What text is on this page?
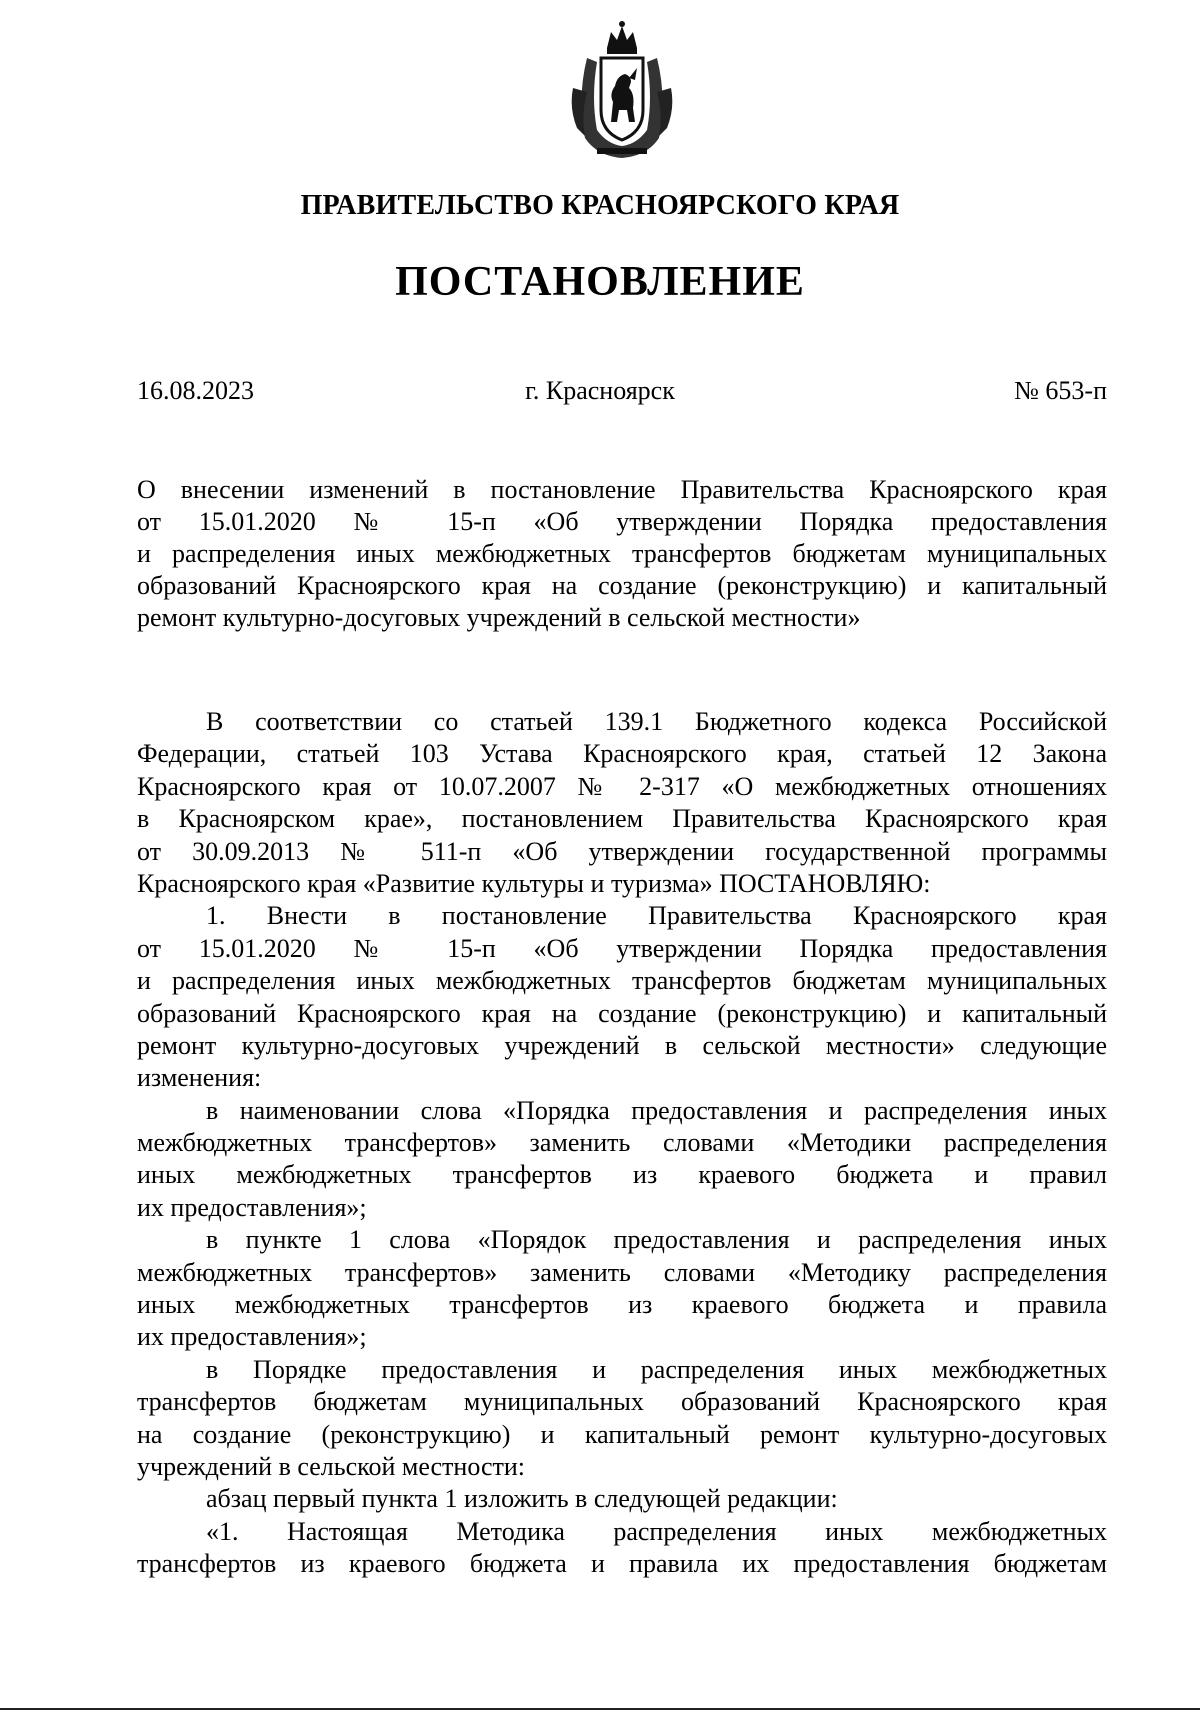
ПРАВИТЕЛЬСТВО КРАСНОЯРСКОГО КРАЯ
ПОСТАНОВЛЕНИЕ
16.08.2023	г. Красноярск	№ 653-п
О внесении изменений в постановление Правительства Красноярского края
от 15.01.2020 № 15-п «Об утверждении Порядка предоставления
и распределения иных межбюджетных трансфертов бюджетам муниципальных
образований Красноярского края на создание (реконструкцию) и капитальный
ремонт культурно-досуговых учреждений в сельской местности»
В соответствии со статьей 139.1 Бюджетного кодекса Российской
Федерации, статьей 103 Устава Красноярского края, статьей 12 Закона
Красноярского края от 10.07.2007 № 2-317 «О межбюджетных отношениях
в Красноярском крае», постановлением Правительства Красноярского края
от 30.09.2013 № 511-п «Об утверждении государственной программы
Красноярского края «Развитие культуры и туризма» ПОСТАНОВЛЯЮ:
1. Внести в постановление Правительства Красноярского края
от 15.01.2020 № 15-п «Об утверждении Порядка предоставления
и распределения иных межбюджетных трансфертов бюджетам муниципальных
образований Красноярского края на создание (реконструкцию) и капитальный
ремонт культурно-досуговых учреждений в сельской местности» следующие
изменения:
в наименовании слова «Порядка предоставления и распределения иных
межбюджетных трансфертов» заменить словами «Методики распределения
иных межбюджетных трансфертов из краевого бюджета и правил
их предоставления»;
в пункте 1 слова «Порядок предоставления и распределения иных
межбюджетных трансфертов» заменить словами «Методику распределения
иных межбюджетных трансфертов из краевого бюджета и правила
их предоставления»;
в Порядке предоставления и распределения иных межбюджетных
трансфертов бюджетам муниципальных образований Красноярского края
на создание (реконструкцию) и капитальный ремонт культурно-досуговых
учреждений в сельской местности:
абзац первый пункта 1 изложить в следующей редакции:
«1. Настоящая Методика распределения иных межбюджетных
трансфертов из краевого бюджета и правила их предоставления бюджетам
